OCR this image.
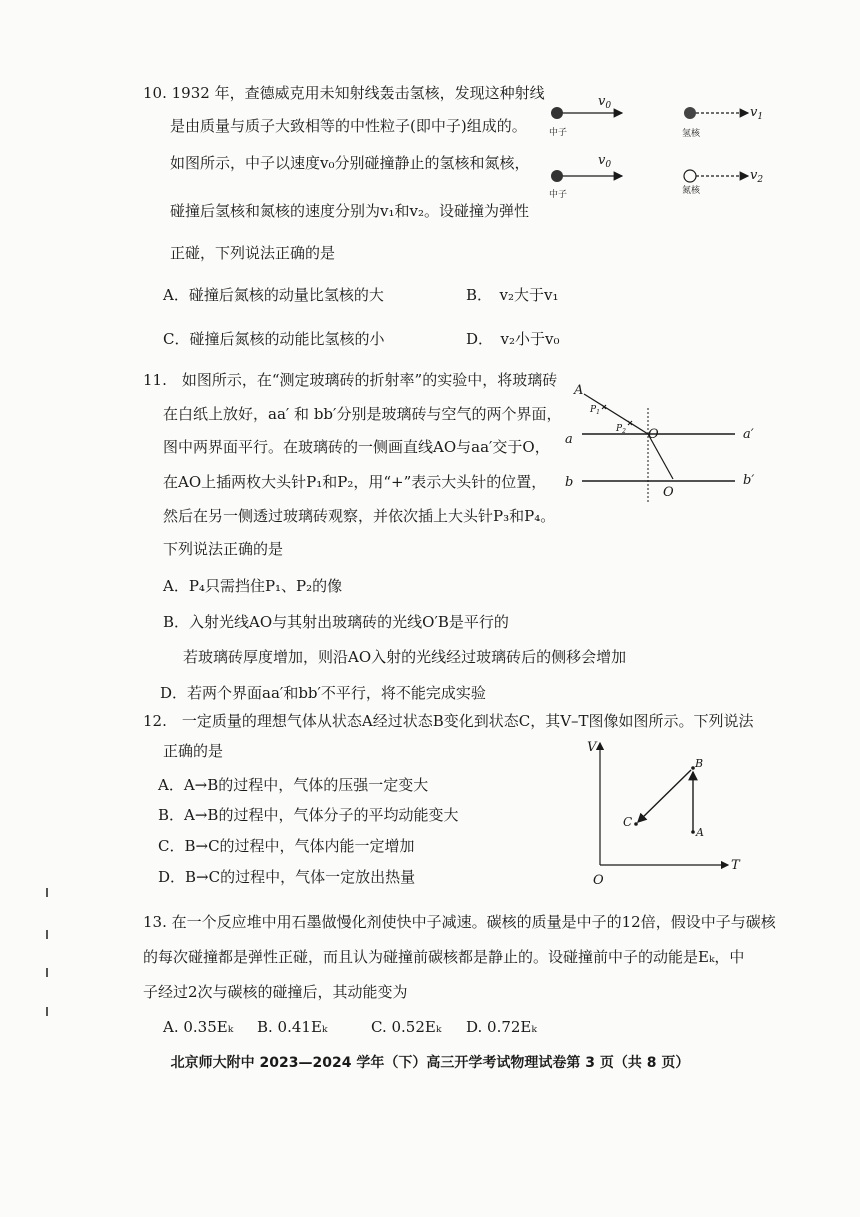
10. 1932 年，查德威克用未知射线轰击氢核，发现这种射线
是由质量与质子大致相等的中性粒子(即中子)组成的。
如图所示，中子以速度v₀分别碰撞静止的氢核和氮核，
碰撞后氢核和氮核的速度分别为v₁和v₂。设碰撞为弹性
正碰，下列说法正确的是
A．碰撞后氮核的动量比氢核的大	B．　v₂大于v₁
C．碰撞后氮核的动能比氢核的小	D．　v₂小于v₀
$v_0$
中子
$v_1$
氢核
$v_0$
中子
$v_2$
氮核
11.　如图所示，在“测定玻璃砖的折射率”的实验中，将玻璃砖
在白纸上放好，aa′ 和 bb′分别是玻璃砖与空气的两个界面，
图中两界面平行。在玻璃砖的一侧画直线AO与aa′交于O，
在AO上插两枚大头针P₁和P₂，用“+”表示大头针的位置，
然后在另一侧透过玻璃砖观察，并依次插上大头针P₃和P₄。
下列说法正确的是
A．P₄只需挡住P₁、P₂的像
B．入射光线AO与其射出玻璃砖的光线O′B是平行的
若玻璃砖厚度增加，则沿AO入射的光线经过玻璃砖后的侧移会增加
D．若两个界面aa′和bb′不平行，将不能完成实验
A
$P_1$
$P_2$ O
O
a	a′
b	b′
12.　一定质量的理想气体从状态A经过状态B变化到状态C，其V–T图像如图所示。下列说法
正确的是
A．A→B的过程中，气体的压强一定变大
B．A→B的过程中，气体分子的平均动能变大
C．B→C的过程中，气体内能一定增加
D．B→C的过程中，气体一定放出热量
V
T
O
A
B
C
13. 在一个反应堆中用石墨做慢化剂使快中子减速。碳核的质量是中子的12倍，假设中子与碳核
的每次碰撞都是弹性正碰，而且认为碰撞前碳核都是静止的。设碰撞前中子的动能是Eₖ，中
子经过2次与碳核的碰撞后，其动能变为
A. 0.35Eₖ B. 0.41Eₖ	C. 0.52Eₖ D. 0.72Eₖ
北京师大附中 2023—2024 学年（下）高三开学考试物理试卷第 3 页（共 8 页）
